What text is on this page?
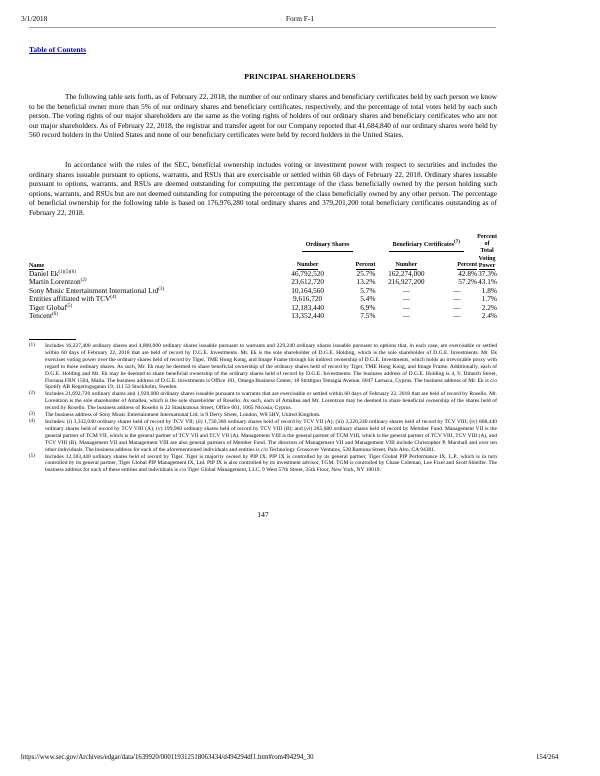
3/1/2018	Form F-1
Table of Contents
PRINCIPAL SHAREHOLDERS

The following table sets forth, as of February 22, 2018, the number of our ordinary shares and beneficiary certificates held by each person we know to be the beneficial owner more than 5% of our ordinary shares and beneficiary certificates, respectively, and the percentage of total votes held by each such person. The voting rights of our major shareholders are the same as the voting rights of holders of our ordinary shares and beneficiary certificates who are not our major shareholders. As of February 22, 2018, the registrar and transfer agent for our Company reported that 41,684,840 of our ordinary shares were held by 560 record holders in the United States and none of our beneficiary certificates were held by record holders in the United States.

In accordance with the rules of the SEC, beneficial ownership includes voting or investment power with respect to securities and includes the ordinary shares issuable pursuant to options, warrants, and RSUs that are exercisable or settled within 60 days of February 22, 2018. Ordinary shares issuable pursuant to options, warrants, and RSUs are deemed outstanding for computing the percentage of the class beneficially owned by the person holding such options, warrants, and RSUs but are not deemed outstanding for computing the percentage of the class beneficially owned by any other person. The percentage of beneficial ownership for the following table is based on 176,976,280 total ordinary shares and 379,201,200 total beneficiary certificates outstanding as of February 22, 2018.

	Ordinary Shares		Beneficiary Certificates$^{(7)}$		Percent
of
Total
Voting
Power

Name	Number	Percent	Number	Percent	
Daniel $Ek^{(1)(5)(6)}$	46,792,520	25.7%	162,274,000	42.8%	37.3%
Martin Lorentzon$^{(2)}$	23,612,720	13.2%	216,927,200	57.2%	43.1%
Sony Music Entertainment International Ltd$^{(3)}$	10,164,560	5.7%	—	—	1.8%
Entities affiliated with TCV$^{(4)}$	9,616,720	5.4%	—	—	1.7%
Tiger Global$^{(5)}$	12,183,440	6.9%	—	—	2.2%
Tencent$^{(6)}$	13,352,440	7.5%	—	—	2.4%
(1)	Includes 16,227,400 ordinary shares and 4,800,000 ordinary shares issuable pursuant to warrants and 229,240 ordinary shares issuable pursuant to options that, in each case, are exercisable or settled within 60 days of February 22, 2018 that are held of record by D.G.E. Investments. Mr. Ek is the sole shareholder of D.G.E. Holding, which is the sole shareholder of D.G.E. Investments. Mr. Ek exercises voting power over the ordinary shares held of record by Tiger, TME Hong Kong, and Image Frame through his indirect ownership of D.G.E. Investments, which holds an irrevocable proxy with regard to these ordinary shares. As such, Mr. Ek may be deemed to share beneficial ownership of the ordinary shares held of record by Tiger, TME Hong Kong, and Image Frame. Additionally, each of D.G.E. Holding and Mr. Ek may be deemed to share beneficial ownership of the ordinary shares held of record by D.G.E. Investments. The business address of D.G.E. Holding is 4, V. Dimech Street, Floriana FRN 1504, Malta. The business address of D.G.E. Investments is Office 101, Omega Business Center, 18 Stratigou Temagia Avenue, 6047 Larnaca, Cyprus. The business address of Mr. Ek is c/o Spotify AB Regeringsgatan 19, 111 53 Stockholm, Sweden.
(2)	Includes 21,692,720 ordinary shares and 1,920,000 ordinary shares issuable pursuant to warrants that are exercisable or settled within 60 days of February 22, 2018 that are held of record by Rosello. Mr. Lorentzon is the sole shareholder of Amaltea, which is the sole shareholder of Rosello. As such, each of Amaltea and Mr. Lorentzon may be deemed to share beneficial ownership of the shares held of record by Rosello. The business address of Rosello is 22 Stasikratous Street, Office 001, 1065 Nicosia, Cyprus.
(3)	The business address of Sony Music Entertainment International Ltd. is 9 Derry Street, London, W8 5HY, United Kingdom.
(4)	Includes: (i) 3,332,040 ordinary shares held of record by TCV VII; (ii) 1,730,360 ordinary shares held of record by TCV VII (A); (iii) 3,220,240 ordinary shares held of record by TCV VIII; (iv) 868,440 ordinary shares held of record by TCV VIII (A); (v) 199,960 ordinary shares held of record by TCV VIII (B); and (vi) 265,680 ordinary shares held of record by Member Fund. Management VII is the general partner of TCM VII, which is the general partner of TCV VII and TCV VII (A). Management VIII is the general partner of TCM VIII, which is the general partner of TCV VIII, TCV VIII (A), and TCV VIII (B). Management VII and Management VIII are also general partners of Member Fund. The directors of Management VII and Management VIII include Christopher P. Marshall and over ten other individuals. The business address for each of the aforementioned individuals and entities is c/o Technology Crossover Ventures, 528 Ramona Street, Palo Alto, CA 94301.
(5)	Includes 12,183,440 ordinary shares held of record by Tiger. Tiger is majority owned by PIP IX. PIP IX is controlled by its general partner, Tiger Global PIP Performance IX, L.P., which is in turn controlled by its general partner, Tiger Global PIP Management IX, Ltd. PIP IX is also controlled by its investment advisor, TGM. TGM is controlled by Chase Coleman, Lee Fixel and Scott Shleifer. The business address for each of these entities and individuals is c/o Tiger Global Management, LLC, 9 West 57th Street, 35th Floor, New York, NY 10019.
147
https://www.sec.gov/Archives/edgar/data/1639920/000119312518063434/d494294df1.htm#rom494294_30	154/264
